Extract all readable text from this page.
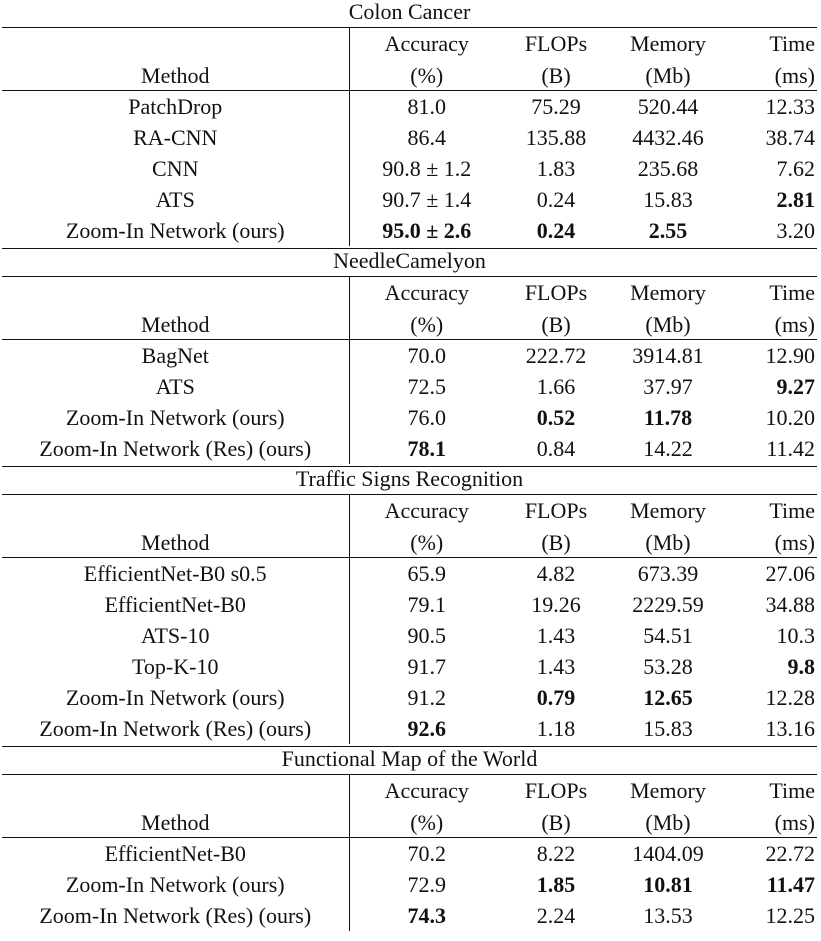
Colon Cancer
	Accuracy	FLOPs	Memory	Time
Method	(%)	(B)	(Mb)	(ms)
PatchDrop	81.0	75.29	520.44	12.33
RA-CNN	86.4	135.88	4432.46	38.74
CNN	90.8 ± 1.2	1.83	235.68	7.62
ATS	90.7 ± 1.4	0.24	15.83	2.81
Zoom-In Network (ours)	95.0 ± 2.6	0.24	2.55	3.20
NeedleCamelyon
	Accuracy	FLOPs	Memory	Time
Method	(%)	(B)	(Mb)	(ms)
BagNet	70.0	222.72	3914.81	12.90
ATS	72.5	1.66	37.97	9.27
Zoom-In Network (ours)	76.0	0.52	11.78	10.20
Zoom-In Network (Res) (ours)	78.1	0.84	14.22	11.42
Traffic Signs Recognition
	Accuracy	FLOPs	Memory	Time
Method	(%)	(B)	(Mb)	(ms)
EfficientNet-B0 s0.5	65.9	4.82	673.39	27.06
EfficientNet-B0	79.1	19.26	2229.59	34.88
ATS-10	90.5	1.43	54.51	10.3
Top-K-10	91.7	1.43	53.28	9.8
Zoom-In Network (ours)	91.2	0.79	12.65	12.28
Zoom-In Network (Res) (ours)	92.6	1.18	15.83	13.16
Functional Map of the World
	Accuracy	FLOPs	Memory	Time
Method	(%)	(B)	(Mb)	(ms)
EfficientNet-B0	70.2	8.22	1404.09	22.72
Zoom-In Network (ours)	72.9	1.85	10.81	11.47
Zoom-In Network (Res) (ours)	74.3	2.24	13.53	12.25
